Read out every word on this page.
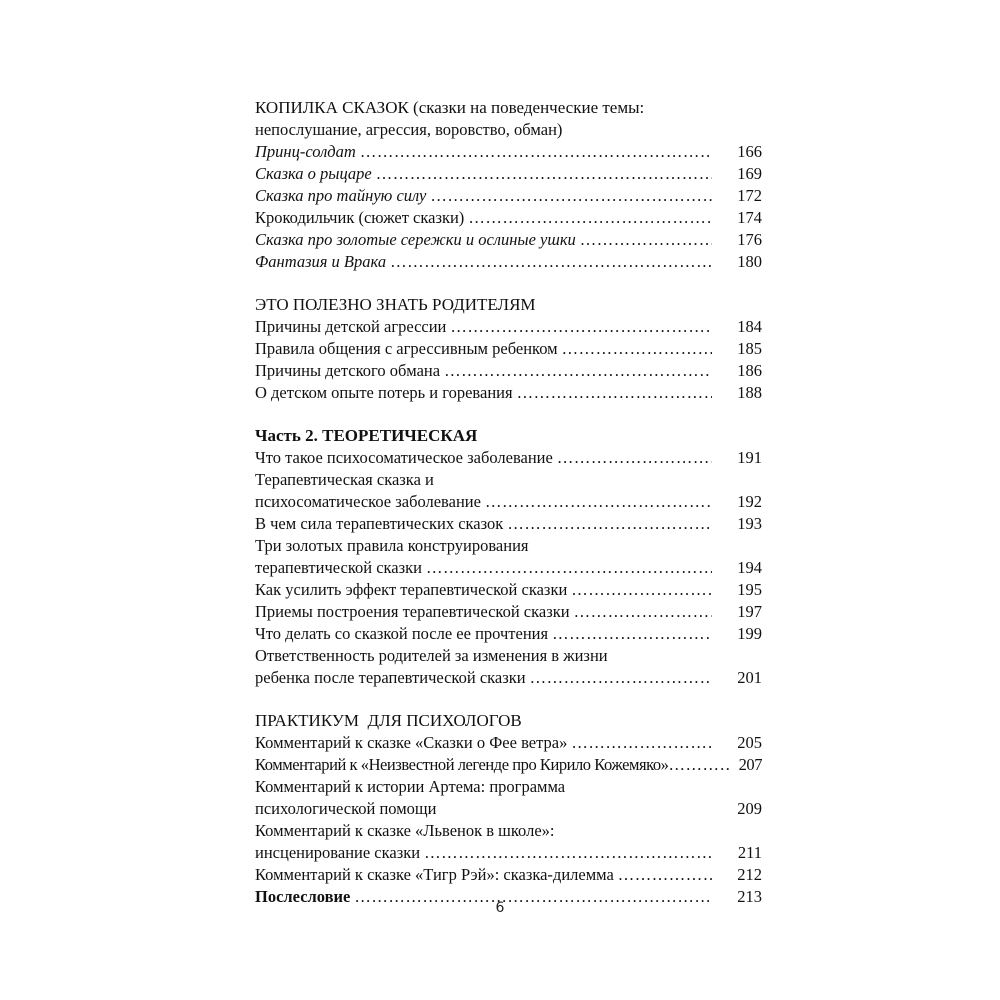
КОПИЛКА СКАЗОК (сказки на поведенческие темы:
непослушание, агрессия, воровство, обман)
Принц-солдат ……………………………………………………………………………………………………………………………………	166
Сказка о рыцаре ……………………………………………………………………………………………………………………………………	169
Сказка про тайную силу ……………………………………………………………………………………………………………………………………	172
Крокодильчик (сюжет сказки) ……………………………………………………………………………………………………………………………………	174
Сказка про золотые сережки и ослиные ушки ……………………………………………………………………………………………………………………………………	176
Фантазия и Врака ……………………………………………………………………………………………………………………………………	180
ЭТО ПОЛЕЗНО ЗНАТЬ РОДИТЕЛЯМ
Причины детской агрессии ……………………………………………………………………………………………………………………………………	184
Правила общения с агрессивным ребенком ……………………………………………………………………………………………………………………………………	185
Причины детского обмана ……………………………………………………………………………………………………………………………………	186
О детском опыте потерь и горевания ……………………………………………………………………………………………………………………………………	188
Часть 2. ТЕОРЕТИЧЕСКАЯ
Что такое психосоматическое заболевание ……………………………………………………………………………………………………………………………………	191
Терапевтическая сказка и
психосоматическое заболевание ……………………………………………………………………………………………………………………………………	192
В чем сила терапевтических сказок ……………………………………………………………………………………………………………………………………	193
Три золотых правила конструирования
терапевтической сказки ……………………………………………………………………………………………………………………………………	194
Как усилить эффект терапевтической сказки ……………………………………………………………………………………………………………………………………	195
Приемы построения терапевтической сказки ……………………………………………………………………………………………………………………………………	197
Что делать со сказкой после ее прочтения ……………………………………………………………………………………………………………………………………	199
Ответственность родителей за изменения в жизни
ребенка после терапевтической сказки ……………………………………………………………………………………………………………………………………	201
ПРАКТИКУМ  ДЛЯ ПСИХОЛОГОВ
Комментарий к сказке «Сказки о Фее ветра» ……………………………………………………………………………………………………………………………………	205
Комментарий к «Неизвестной легенде про Кирило Кожемяко» ……………………………………………………………………………………………………………………………………	207
Комментарий к истории Артема: программа
психологической помощи	209
Комментарий к сказке «Львенок в школе»:
инсценирование сказки ……………………………………………………………………………………………………………………………………	211
Комментарий к сказке «Тигр Рэй»: сказка-дилемма ……………………………………………………………………………………………………………………………………	212
Послесловие ……………………………………………………………………………………………………………………………………	213
6
